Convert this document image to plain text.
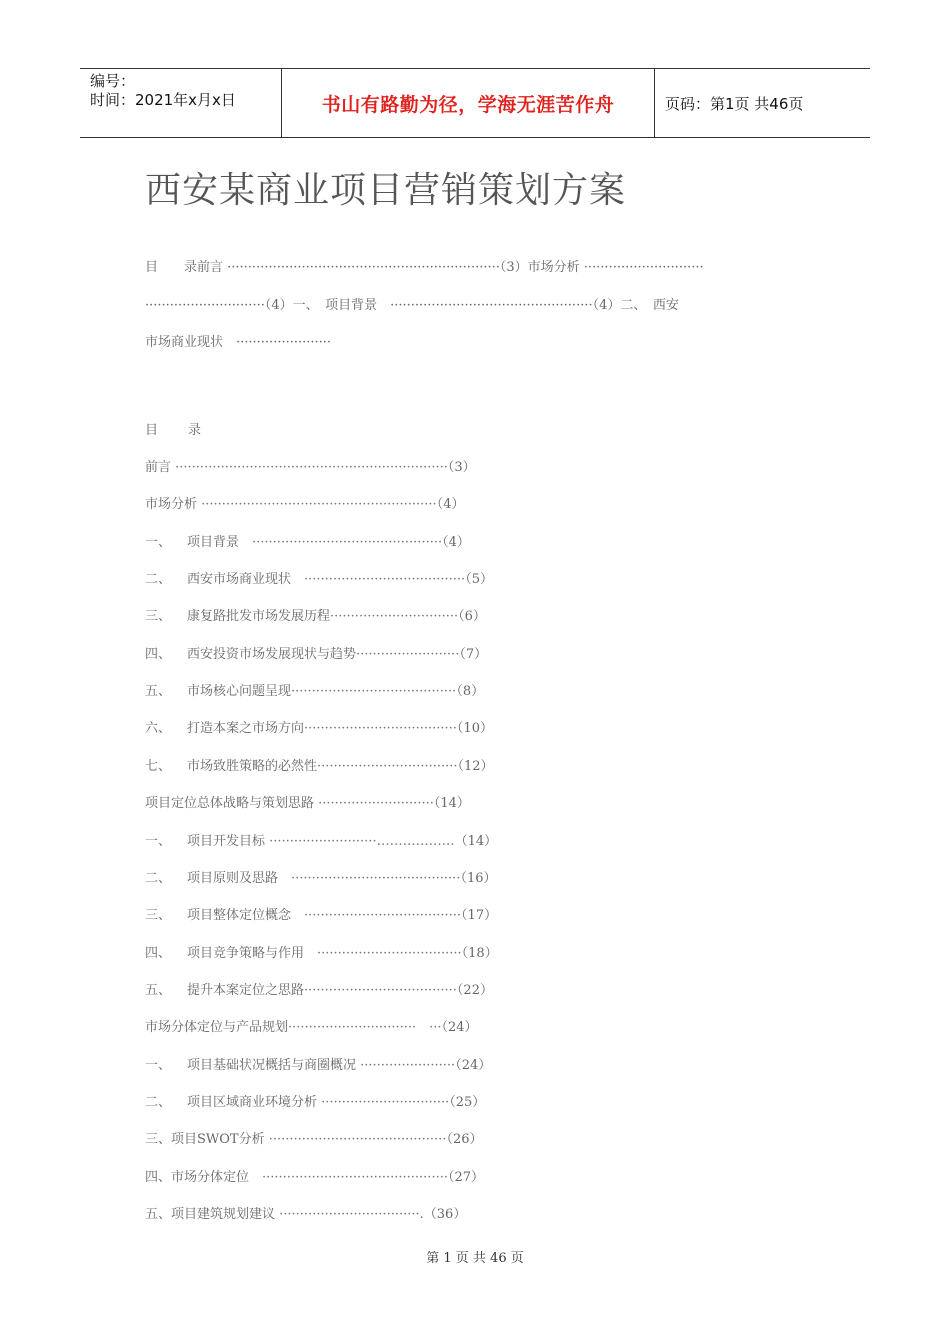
编号：
时间：2021年x月x日	书山有路勤为径，学海无涯苦作舟	页码：第1页 共46页
西安某商业项目营销策划方案
目　　录前言 ··································································（3）市场分析 ·····························
·····························（4）一、　项目背景　·················································（4）二、　西安
市场商业现状　·······················
目 录
前言 ··································································（3）
市场分析 ·························································（4）
一、 项目背景　··············································（4）
二、 西安市场商业现状　·······································（5）
三、 康复路批发市场发展历程·······························（6）
四、 西安投资市场发展现状与趋势·························（7）
五、 市场核心问题呈现········································（8）
六、 打造本案之市场方向·····································（10）
七、 市场致胜策略的必然性··································（12）
项目定位总体战略与策划思路 ····························（14）
一、 项目开发目标 ··························………………（14）
二、 项目原则及思路　·········································（16）
三、 项目整体定位概念　······································（17）
四、 项目竞争策略与作用　···································（18）
五、 提升本案定位之思路·····································（22）
市场分体定位与产品规划·······························　···（24）
一、 项目基础状况概括与商圈概况 ·······················（24）
二、 项目区域商业环境分析 ·······························（25）
三、项目SWOT分析 ···········································（26）
四、市场分体定位　·············································（27）
五、项目建筑规划建议 ··································.（36）
第 1 页 共 46 页
